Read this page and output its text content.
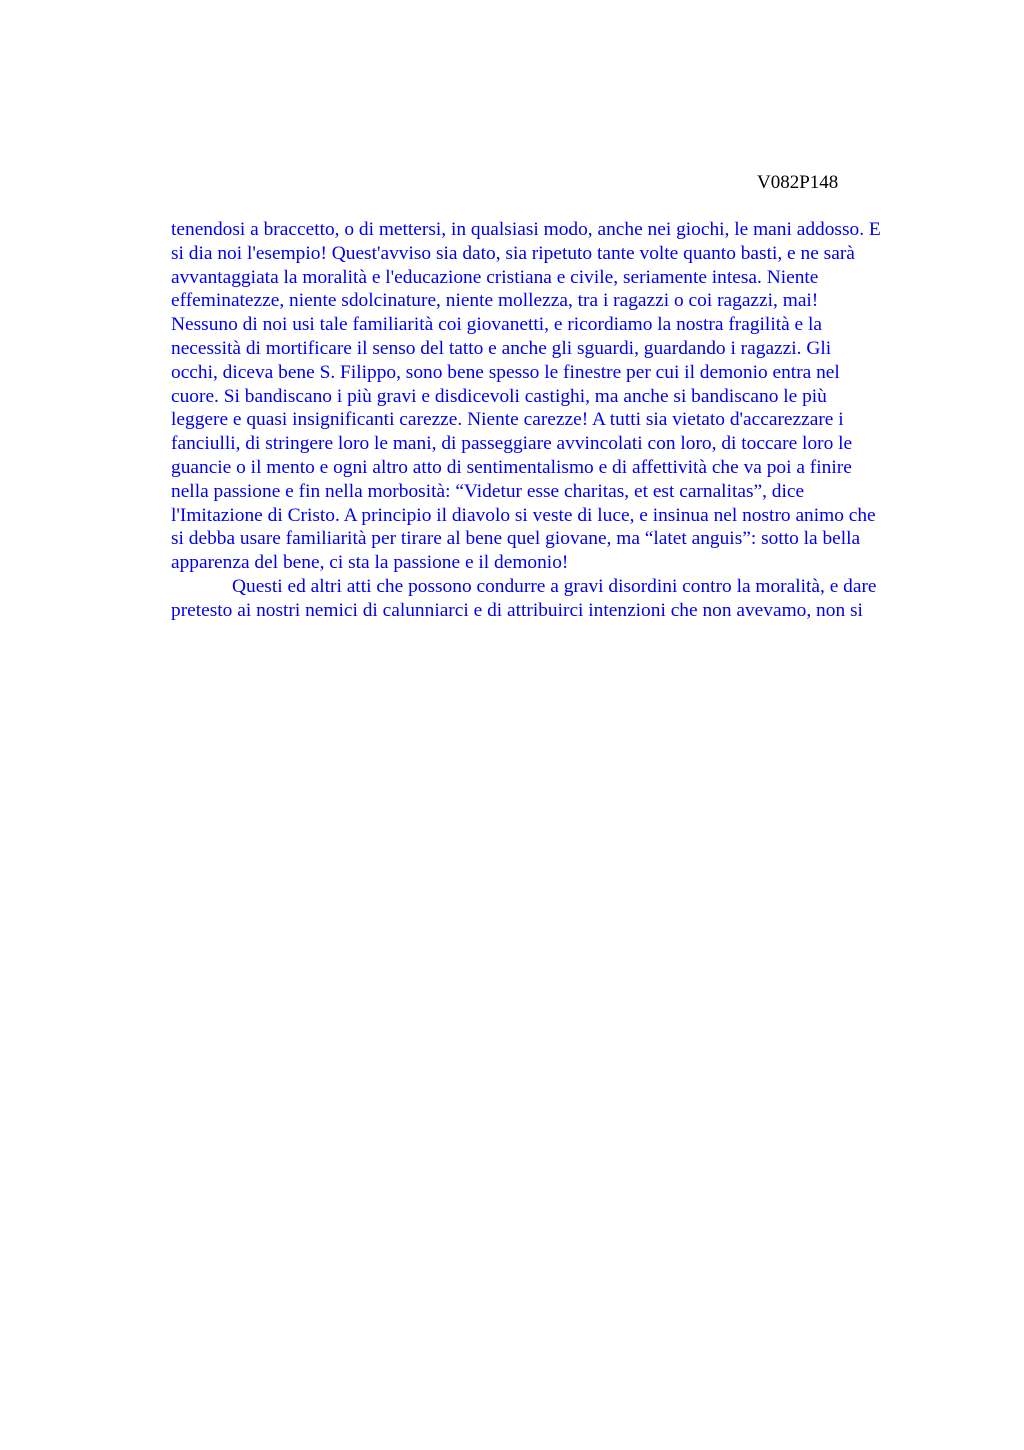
V082P148
tenendosi a braccetto, o di mettersi, in qualsiasi modo, anche nei giochi, le mani addosso. E
si dia noi l'esempio! Quest'avviso sia dato, sia ripetuto tante volte quanto basti, e ne sarà
avvantaggiata la moralità e l'educazione cristiana e civile, seriamente intesa. Niente
effeminatezze, niente sdolcinature, niente mollezza, tra i ragazzi o coi ragazzi, mai!
Nessuno di noi usi tale familiarità coi giovanetti, e ricordiamo la nostra fragilità e la
necessità di mortificare il senso del tatto e anche gli sguardi, guardando i ragazzi. Gli
occhi, diceva bene S. Filippo, sono bene spesso le finestre per cui il demonio entra nel
cuore. Si bandiscano i più gravi e disdicevoli castighi, ma anche si bandiscano le più
leggere e quasi insignificanti carezze. Niente carezze! A tutti sia vietato d'accarezzare i
fanciulli, di stringere loro le mani, di passeggiare avvincolati con loro, di toccare loro le
guancie o il mento e ogni altro atto di sentimentalismo e di affettività che va poi a finire
nella passione e fin nella morbosità: “Videtur esse charitas, et est carnalitas”, dice
l'Imitazione di Cristo. A principio il diavolo si veste di luce, e insinua nel nostro animo che
si debba usare familiarità per tirare al bene quel giovane, ma “latet anguis”: sotto la bella
apparenza del bene, ci sta la passione e il demonio!
Questi ed altri atti che possono condurre a gravi disordini contro la moralità, e dare
pretesto ai nostri nemici di calunniarci e di attribuirci intenzioni che non avevamo, non si
